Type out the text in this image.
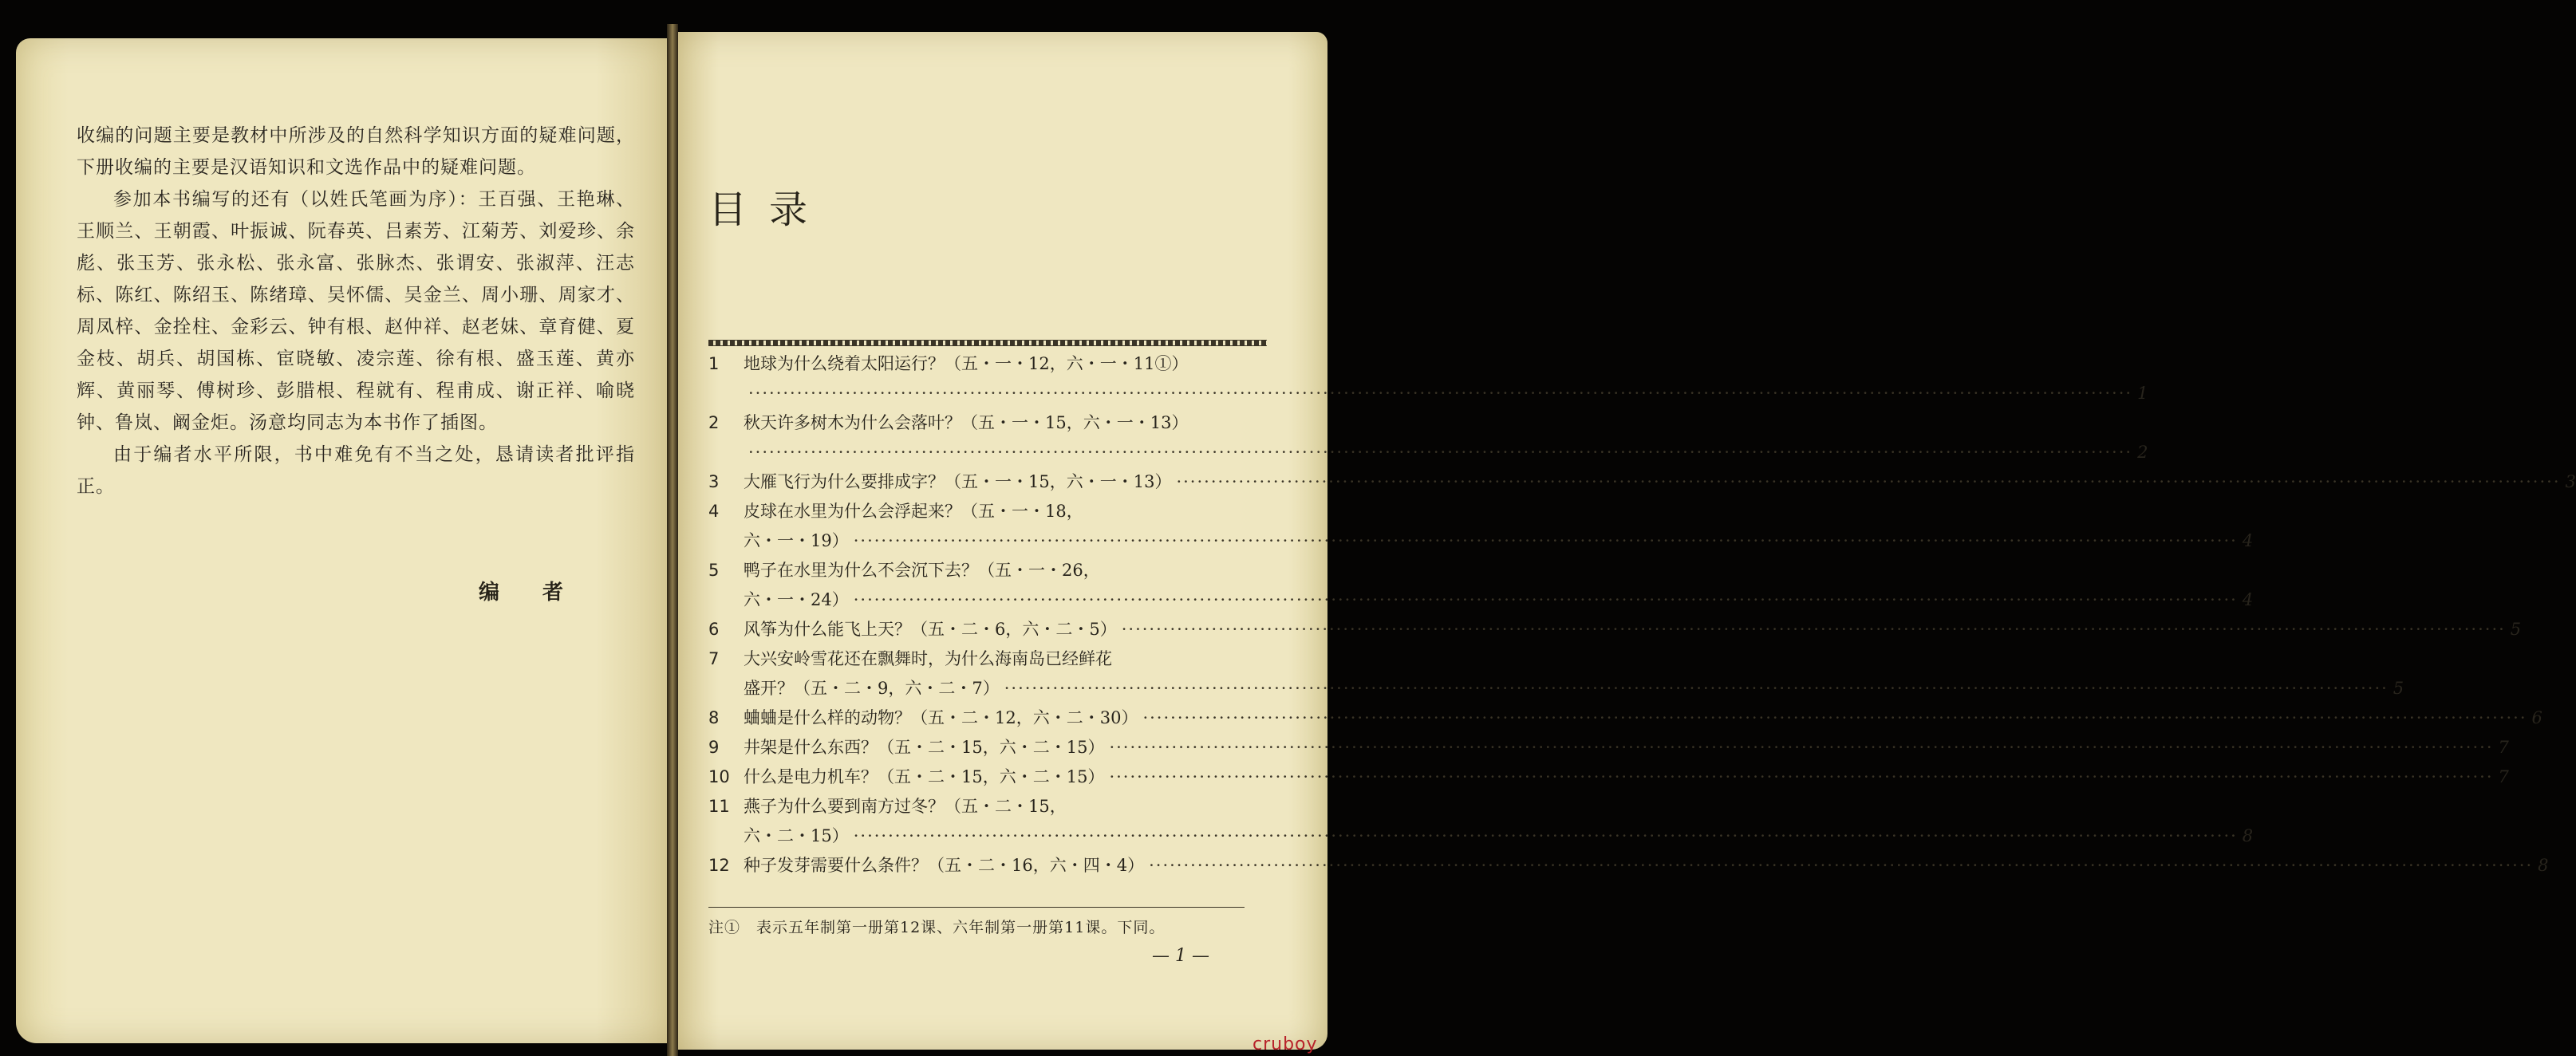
收编的问题主要是教材中所涉及的自然科学知识方面的疑难问题，下册收编的主要是汉语知识和文选作品中的疑难问题。

参加本书编写的还有（以姓氏笔画为序）：王百强、王艳琳、王顺兰、王朝霞、叶振诚、阮春英、吕素芳、江菊芳、刘爱珍、余彪、张玉芳、张永松、张永富、张脉杰、张谓安、张淑萍、汪志标、陈红、陈绍玉、陈绪璋、吴怀儒、吴金兰、周小珊、周家才、周凤梓、金拴柱、金彩云、钟有根、赵仲祥、赵老妹、章育健、夏金枝、胡兵、胡国栋、宦晓敏、凌宗莲、徐有根、盛玉莲、黄亦辉、黄丽琴、傅树珍、彭腊根、程就有、程甫成、谢正祥、喻晓钟、鲁岚、阚金炬。汤意均同志为本书作了插图。

由于编者水平所限，书中难免有不当之处，恳请读者批评指正。

编者
目录
1	地球为什么绕着太阳运行？（五・一・12，六・一・11①）
········································································································································································································ 1
2	秋天许多树木为什么会落叶？（五・一・15，六・一・13）
········································································································································································································ 2
3	大雁飞行为什么要排成字？（五・一・15，六・一・13） ········································································································································································································ 3
4	皮球在水里为什么会浮起来？（五・一・18，
六・一・19） ········································································································································································································ 4
5	鸭子在水里为什么不会沉下去？（五・一・26，
六・一・24） ········································································································································································································ 4
6	风筝为什么能飞上天？（五・二・6，六・二・5） ········································································································································································································ 5
7	大兴安岭雪花还在飘舞时，为什么海南岛已经鲜花
盛开？（五・二・9，六・二・7） ········································································································································································································ 5
8	蛐蛐是什么样的动物？（五・二・12，六・二・30） ········································································································································································································ 6
9	井架是什么东西？（五・二・15，六・二・15） ········································································································································································································ 7
10 什么是电力机车？（五・二・15，六・二・15） ········································································································································································································ 7
11 燕子为什么要到南方过冬？（五・二・15，
六・二・15） ········································································································································································································ 8
12 种子发芽需要什么条件？（五・二・16，六・四・4） ········································································································································································································ 8
注①　表示五年制第一册第12课、六年制第一册第11课。下同。
— 1 —
cruboy
